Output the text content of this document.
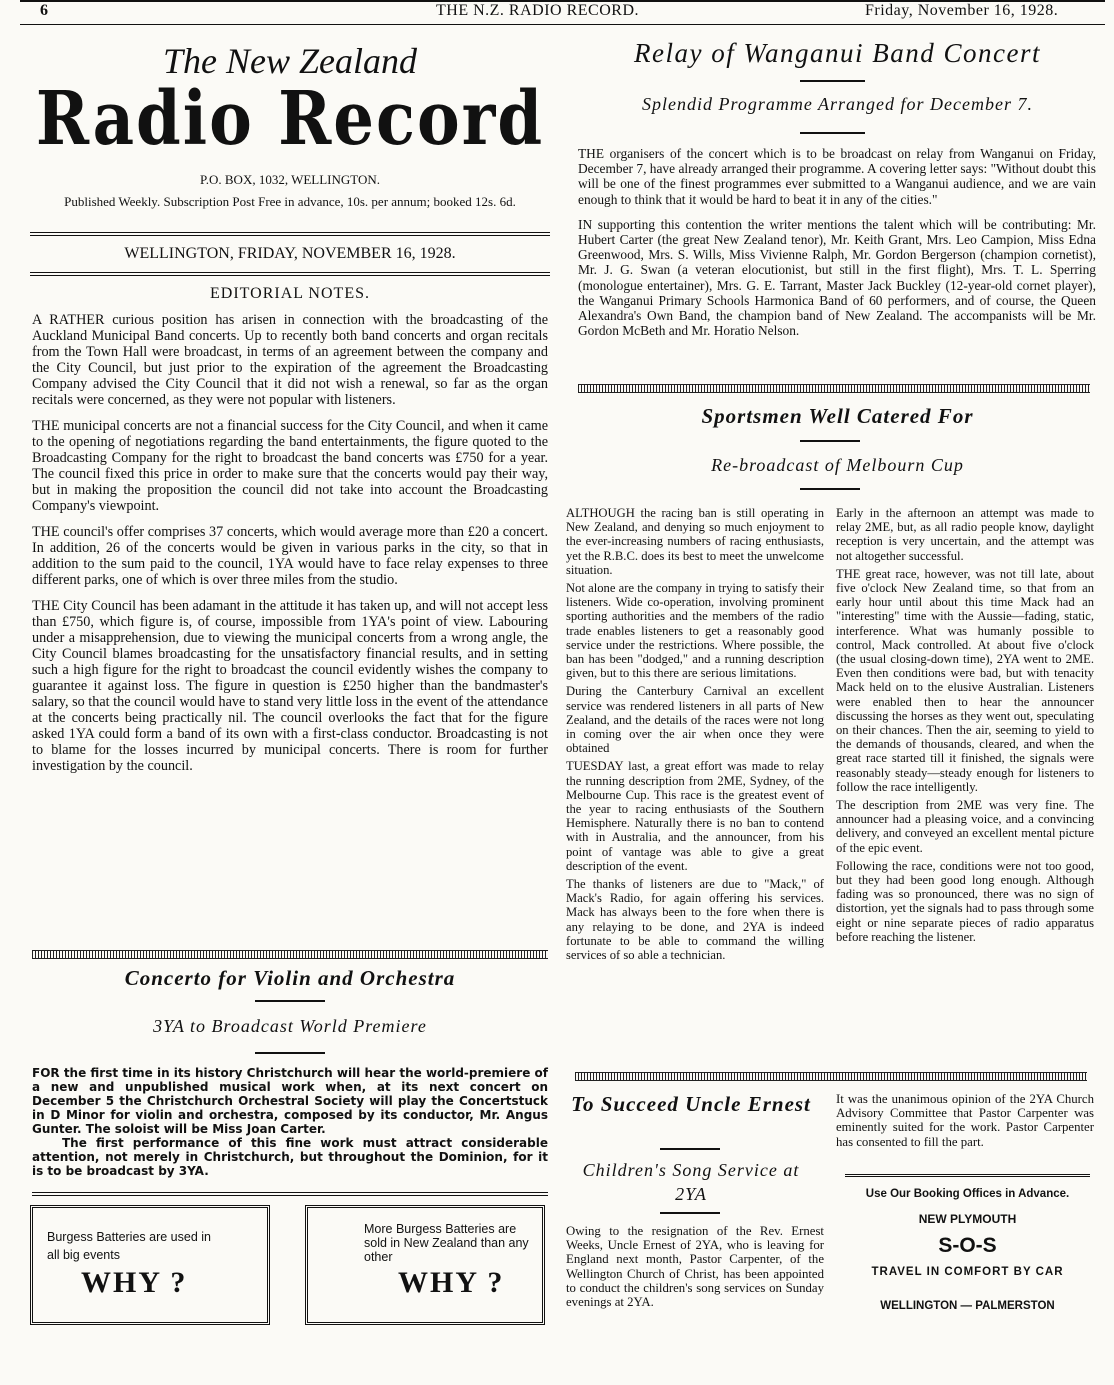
6	THE N.Z. RADIO RECORD.	Friday, November 16, 1928.
The New Zealand
Radio Record
P.O. BOX, 1032, WELLINGTON.
Published Weekly. Subscription Post Free in advance, 10s. per annum; booked 12s. 6d.
WELLINGTON, FRIDAY, NOVEMBER 16, 1928.
EDITORIAL NOTES.

A RATHER curious position has arisen in connection with the broadcasting of the Auckland Municipal Band concerts. Up to recently both band concerts and organ recitals from the Town Hall were broadcast, in terms of an agreement between the company and the City Council, but just prior to the expiration of the agreement the Broadcasting Company advised the City Council that it did not wish a renewal, so far as the organ recitals were concerned, as they were not popular with listeners.

THE municipal concerts are not a financial success for the City Council, and when it came to the opening of negotiations regarding the band entertainments, the figure quoted to the Broadcasting Company for the right to broadcast the band concerts was £750 for a year. The council fixed this price in order to make sure that the concerts would pay their way, but in making the proposition the council did not take into account the Broadcasting Company's viewpoint.

THE council's offer comprises 37 concerts, which would average more than £20 a concert. In addition, 26 of the concerts would be given in various parks in the city, so that in addition to the sum paid to the council, 1YA would have to face relay expenses to three different parks, one of which is over three miles from the studio.

THE City Council has been adamant in the attitude it has taken up, and will not accept less than £750, which figure is, of course, impossible from 1YA's point of view. Labouring under a misapprehension, due to viewing the municipal concerts from a wrong angle, the City Council blames broadcasting for the unsatisfactory financial results, and in setting such a high figure for the right to broadcast the council evidently wishes the company to guarantee it against loss. The figure in question is £250 higher than the bandmaster's salary, so that the council would have to stand very little loss in the event of the attendance at the concerts being practically nil. The council overlooks the fact that for the figure asked 1YA could form a band of its own with a first-class conductor. Broadcasting is not to blame for the losses incurred by municipal concerts. There is room for further investigation by the council.

Concerto for Violin and Orchestra
3YA to Broadcast World Premiere
FOR the first time in its history Christchurch will hear the world-premiere of a new and unpublished musical work when, at its next concert on December 5 the Christchurch Orchestral Society will play the Concertstuck in D Minor for violin and orchestra, composed by its conductor, Mr. Angus Gunter. The soloist will be Miss Joan Carter.
The first performance of this fine work must attract considerable attention, not merely in Christchurch, but throughout the Dominion, for it is to be broadcast by 3YA.
Burgess Batteries are used in all big events
WHY ?
More Burgess Batteries are sold in New Zealand than any other
WHY ?
Relay of Wanganui Band Concert
Splendid Programme Arranged for December 7.

THE organisers of the concert which is to be broadcast on relay from Wanganui on Friday, December 7, have already arranged their programme. A covering letter says: "Without doubt this will be one of the finest programmes ever submitted to a Wanganui audience, and we are vain enough to think that it would be hard to beat it in any of the cities."

IN supporting this contention the writer mentions the talent which will be contributing: Mr. Hubert Carter (the great New Zealand tenor), Mr. Keith Grant, Mrs. Leo Campion, Miss Edna Greenwood, Mrs. S. Wills, Miss Vivienne Ralph, Mr. Gordon Bergerson (champion cornetist), Mr. J. G. Swan (a veteran elocutionist, but still in the first flight), Mrs. T. L. Sperring (monologue entertainer), Mrs. G. E. Tarrant, Master Jack Buckley (12-year-old cornet player), the Wanganui Primary Schools Harmonica Band of 60 performers, and of course, the Queen Alexandra's Own Band, the champion band of New Zealand. The accompanists will be Mr. Gordon McBeth and Mr. Horatio Nelson.

Sportsmen Well Catered For
Re-broadcast of Melbourn Cup

ALTHOUGH the racing ban is still operating in New Zealand, and denying so much enjoyment to the ever-increasing numbers of racing enthusiasts, yet the R.B.C. does its best to meet the unwelcome situation.

Not alone are the company in trying to satisfy their listeners. Wide co-operation, involving prominent sporting authorities and the members of the radio trade enables listeners to get a reasonably good service under the restrictions. Where possible, the ban has been "dodged," and a running description given, but to this there are serious limitations.

During the Canterbury Carnival an excellent service was rendered listeners in all parts of New Zealand, and the details of the races were not long in coming over the air when once they were obtained

TUESDAY last, a great effort was made to relay the running description from 2ME, Sydney, of the Melbourne Cup. This race is the greatest event of the year to racing enthusiasts of the Southern Hemisphere. Naturally there is no ban to contend with in Australia, and the announcer, from his point of vantage was able to give a great description of the event.

The thanks of listeners are due to "Mack," of Mack's Radio, for again offering his services. Mack has always been to the fore when there is any relaying to be done, and 2YA is indeed fortunate to be able to command the willing services of so able a technician.

Early in the afternoon an attempt was made to relay 2ME, but, as all radio people know, daylight reception is very uncertain, and the attempt was not altogether successful.

THE great race, however, was not till late, about five o'clock New Zealand time, so that from an early hour until about this time Mack had an "interesting" time with the Aussie—fading, static, interference. What was humanly possible to control, Mack controlled. At about five o'clock (the usual closing-down time), 2YA went to 2ME. Even then conditions were bad, but with tenacity Mack held on to the elusive Australian. Listeners were enabled then to hear the announcer discussing the horses as they went out, speculating on their chances. Then the air, seeming to yield to the demands of thousands, cleared, and when the great race started till it finished, the signals were reasonably steady—steady enough for listeners to follow the race intelligently.

The description from 2ME was very fine. The announcer had a pleasing voice, and a convincing delivery, and conveyed an excellent mental picture of the epic event.

Following the race, conditions were not too good, but they had been good long enough. Although fading was so pronounced, there was no sign of distortion, yet the signals had to pass through some eight or nine separate pieces of radio apparatus before reaching the listener.

To Succeed Uncle Ernest
Children's Song Service at 2YA
Owing to the resignation of the Rev. Ernest Weeks, Uncle Ernest of 2YA, who is leaving for England next month, Pastor Carpenter, of the Wellington Church of Christ, has been appointed to conduct the children's song services on Sunday evenings at 2YA.
It was the unanimous opinion of the 2YA Church Advisory Committee that Pastor Carpenter was eminently suited for the work. Pastor Carpenter has consented to fill the part.
Use Our Booking Offices in Advance.
NEW PLYMOUTH
S-O-S
TRAVEL IN COMFORT BY CAR
WELLINGTON — PALMERSTON
